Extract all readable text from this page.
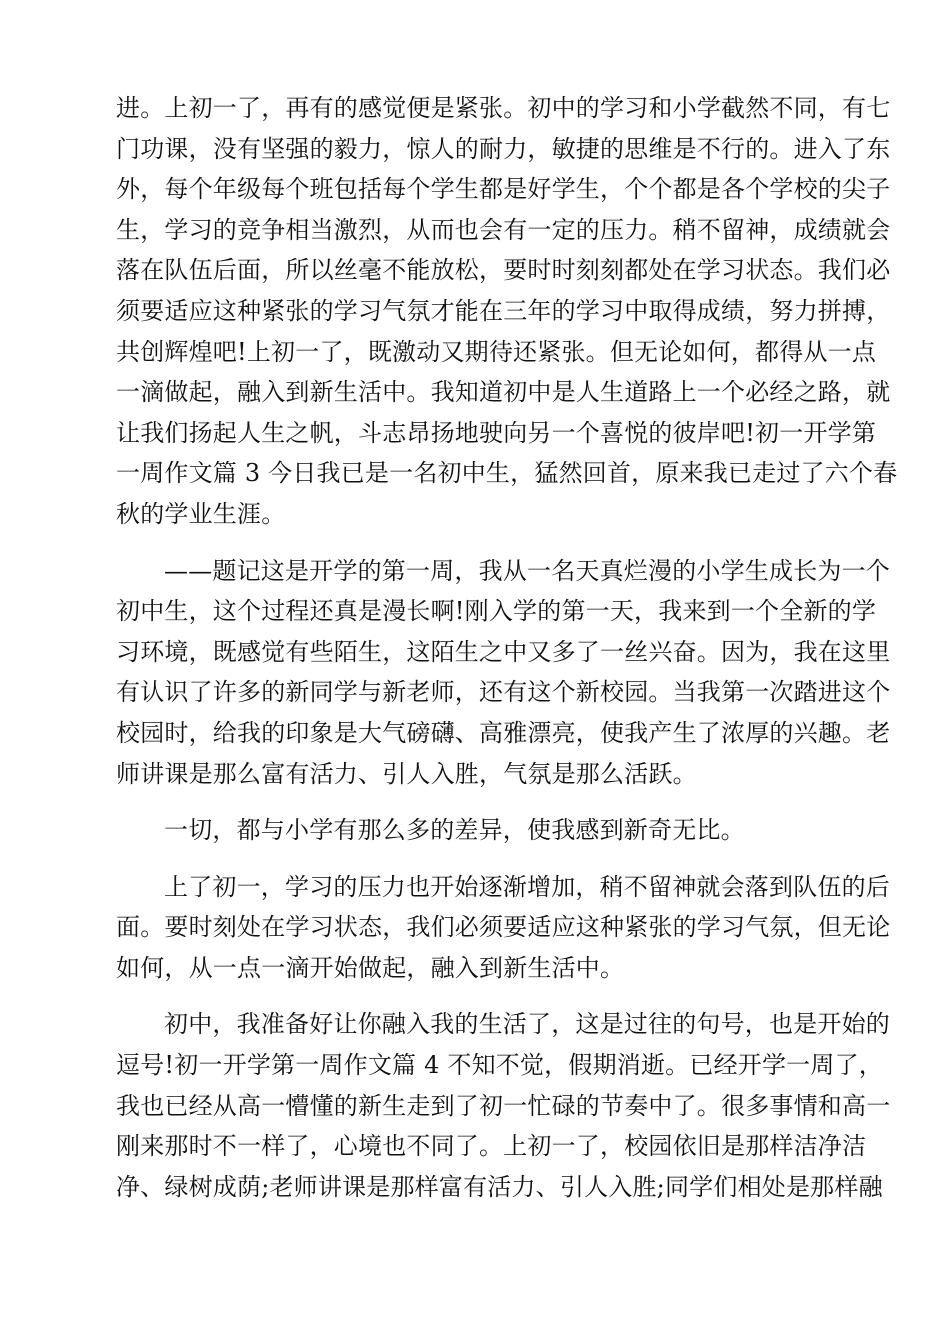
进。上初一了，再有的感觉便是紧张。初中的学习和小学截然不同，有七
门功课，没有坚强的毅力，惊人的耐力，敏捷的思维是不行的。进入了东
外，每个年级每个班包括每个学生都是好学生，个个都是各个学校的尖子
生，学习的竞争相当激烈，从而也会有一定的压力。稍不留神，成绩就会
落在队伍后面，所以丝毫不能放松，要时时刻刻都处在学习状态。我们必
须要适应这种紧张的学习气氛才能在三年的学习中取得成绩，努力拼搏，
共创辉煌吧!上初一了，既激动又期待还紧张。但无论如何，都得从一点
一滴做起，融入到新生活中。我知道初中是人生道路上一个必经之路，就
让我们扬起人生之帆，斗志昂扬地驶向另一个喜悦的彼岸吧!初一开学第
一周作文篇 3 今日我已是一名初中生，猛然回首，原来我已走过了六个春
秋的学业生涯。

——题记这是开学的第一周，我从一名天真烂漫的小学生成长为一个
初中生，这个过程还真是漫长啊!刚入学的第一天，我来到一个全新的学
习环境，既感觉有些陌生，这陌生之中又多了一丝兴奋。因为，我在这里
有认识了许多的新同学与新老师，还有这个新校园。当我第一次踏进这个
校园时，给我的印象是大气磅礴、高雅漂亮，使我产生了浓厚的兴趣。老
师讲课是那么富有活力、引人入胜，气氛是那么活跃。

一切，都与小学有那么多的差异，使我感到新奇无比。

上了初一，学习的压力也开始逐渐增加，稍不留神就会落到队伍的后
面。要时刻处在学习状态，我们必须要适应这种紧张的学习气氛，但无论
如何，从一点一滴开始做起，融入到新生活中。

初中，我准备好让你融入我的生活了，这是过往的句号，也是开始的
逗号!初一开学第一周作文篇 4 不知不觉，假期消逝。已经开学一周了，
我也已经从高一懵懂的新生走到了初一忙碌的节奏中了。很多事情和高一
刚来那时不一样了，心境也不同了。上初一了，校园依旧是那样洁净洁
净、绿树成荫;老师讲课是那样富有活力、引人入胜;同学们相处是那样融
